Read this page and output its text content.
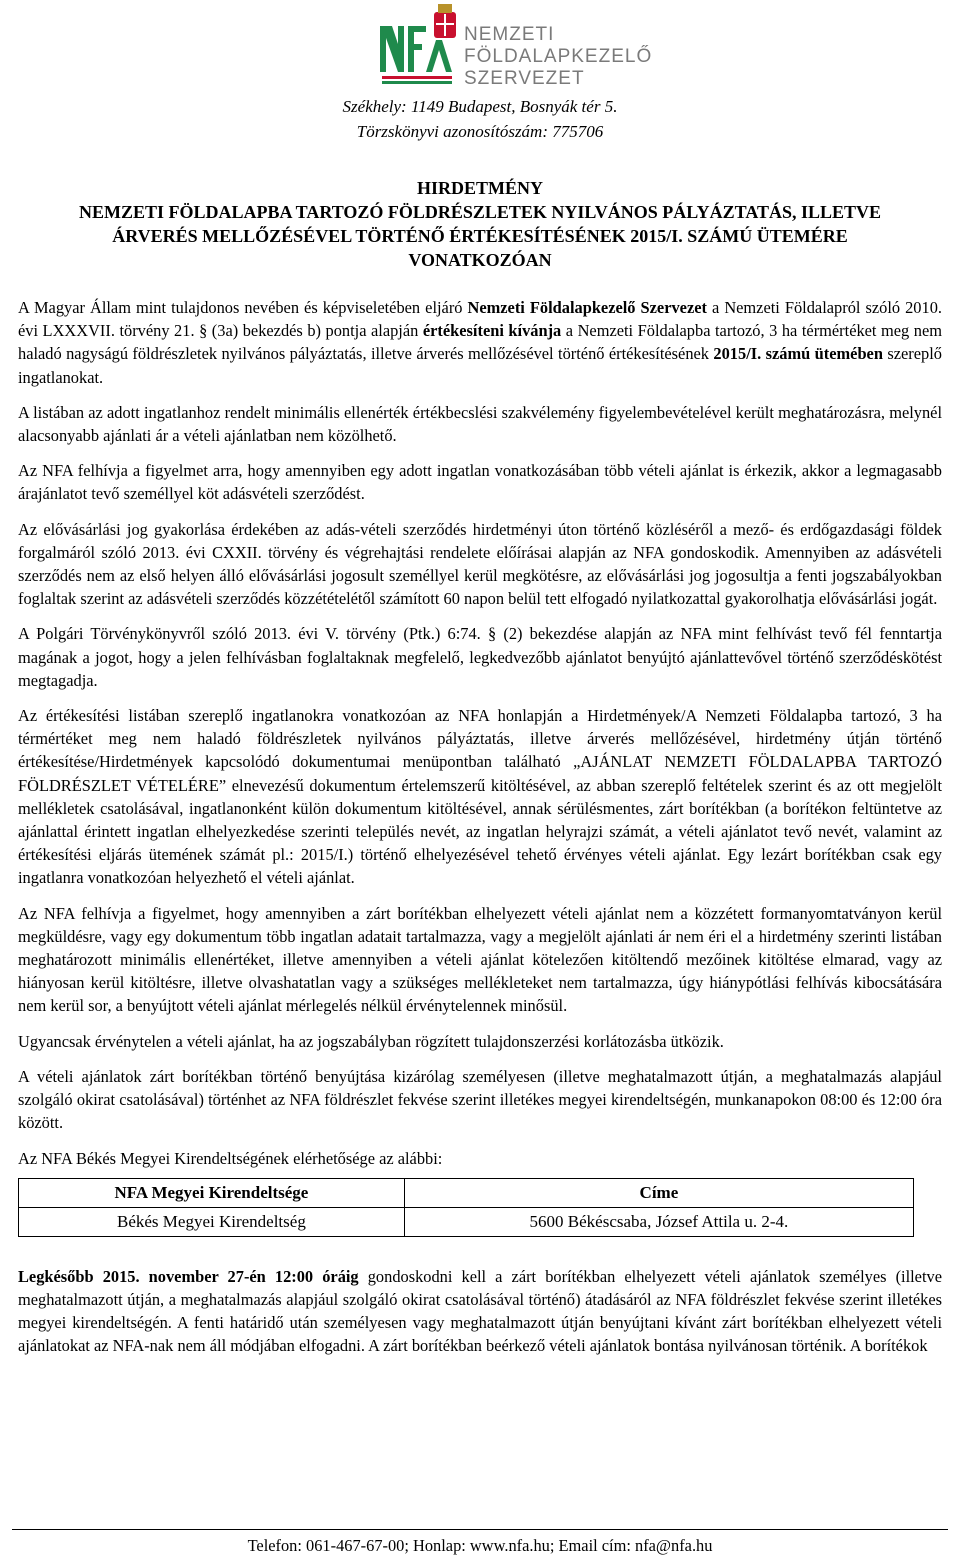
NEMZETI
FÖLDALAPKEZELŐ
SZERVEZET
Székhely: 1149 Budapest, Bosnyák tér 5.
Törzskönyvi azonosítószám: 775706
HIRDETMÉNY
NEMZETI FÖLDALAPBA TARTOZÓ FÖLDRÉSZLETEK NYILVÁNOS PÁLYÁZTATÁS, ILLETVE
ÁRVERÉS MELLŐZÉSÉVEL TÖRTÉNŐ ÉRTÉKESÍTÉSÉNEK 2015/I. SZÁMÚ ÜTEMÉRE
VONATKOZÓAN

A Magyar Állam mint tulajdonos nevében és képviseletében eljáró Nemzeti Földalapkezelő Szervezet a Nemzeti Földalapról szóló 2010. évi LXXXVII. törvény 21. § (3a) bekezdés b) pontja alapján értékesíteni kívánja a Nemzeti Földalapba tartozó, 3 ha térmértéket meg nem haladó nagyságú földrészletek nyilvános pályáztatás, illetve árverés mellőzésével történő értékesítésének 2015/I. számú ütemében szereplő ingatlanokat.

A listában az adott ingatlanhoz rendelt minimális ellenérték értékbecslési szakvélemény figyelembevételével került meghatározásra, melynél alacsonyabb ajánlati ár a vételi ajánlatban nem közölhető.

Az NFA felhívja a figyelmet arra, hogy amennyiben egy adott ingatlan vonatkozásában több vételi ajánlat is érkezik, akkor a legmagasabb árajánlatot tevő személlyel köt adásvételi szerződést.

Az elővásárlási jog gyakorlása érdekében az adás-vételi szerződés hirdetményi úton történő közléséről a mező- és erdőgazdasági földek forgalmáról szóló 2013. évi CXXII. törvény és végrehajtási rendelete előírásai alapján az NFA gondoskodik. Amennyiben az adásvételi szerződés nem az első helyen álló elővásárlási jogosult személlyel kerül megkötésre, az elővásárlási jog jogosultja a fenti jogszabályokban foglaltak szerint az adásvételi szerződés közzétételétől számított 60 napon belül tett elfogadó nyilatkozattal gyakorolhatja elővásárlási jogát.

A Polgári Törvénykönyvről szóló 2013. évi V. törvény (Ptk.) 6:74. § (2) bekezdése alapján az NFA mint felhívást tevő fél fenntartja magának a jogot, hogy a jelen felhívásban foglaltaknak megfelelő, legkedvezőbb ajánlatot benyújtó ajánlattevővel történő szerződéskötést megtagadja.

Az értékesítési listában szereplő ingatlanokra vonatkozóan az NFA honlapján a Hirdetmények/A Nemzeti Földalapba tartozó, 3 ha térmértéket meg nem haladó földrészletek nyilvános pályáztatás, illetve árverés mellőzésével, hirdetmény útján történő értékesítése/Hirdetmények kapcsolódó dokumentumai menüpontban található „AJÁNLAT NEMZETI FÖLDALAPBA TARTOZÓ FÖLDRÉSZLET VÉTELÉRE” elnevezésű dokumentum értelemszerű kitöltésével, az abban szereplő feltételek szerint és az ott megjelölt mellékletek csatolásával, ingatlanonként külön dokumentum kitöltésével, annak sérülésmentes, zárt borítékban (a borítékon feltüntetve az ajánlattal érintett ingatlan elhelyezkedése szerinti település nevét, az ingatlan helyrajzi számát, a vételi ajánlatot tevő nevét, valamint az értékesítési eljárás ütemének számát pl.: 2015/I.) történő elhelyezésével tehető érvényes vételi ajánlat. Egy lezárt borítékban csak egy ingatlanra vonatkozóan helyezhető el vételi ajánlat.

Az NFA felhívja a figyelmet, hogy amennyiben a zárt borítékban elhelyezett vételi ajánlat nem a közzétett formanyomtatványon kerül megküldésre, vagy egy dokumentum több ingatlan adatait tartalmazza, vagy a megjelölt ajánlati ár nem éri el a hirdetmény szerinti listában meghatározott minimális ellenértéket, illetve amennyiben a vételi ajánlat kötelezően kitöltendő mezőinek kitöltése elmarad, vagy az hiányosan kerül kitöltésre, illetve olvashatatlan vagy a szükséges mellékleteket nem tartalmazza, úgy hiánypótlási felhívás kibocsátására nem kerül sor, a benyújtott vételi ajánlat mérlegelés nélkül érvénytelennek minősül.

Ugyancsak érvénytelen a vételi ajánlat, ha az jogszabályban rögzített tulajdonszerzési korlátozásba ütközik.

A vételi ajánlatok zárt borítékban történő benyújtása kizárólag személyesen (illetve meghatalmazott útján, a meghatalmazás alapjául szolgáló okirat csatolásával) történhet az NFA földrészlet fekvése szerint illetékes megyei kirendeltségén, munkanapokon 08:00 és 12:00 óra között.

Az NFA Békés Megyei Kirendeltségének elérhetősége az alábbi:

NFA Megyei Kirendeltsége	Címe
Békés Megyei Kirendeltség	5600 Békéscsaba, József Attila u. 2-4.

Legkésőbb 2015. november 27-én 12:00 óráig gondoskodni kell a zárt borítékban elhelyezett vételi ajánlatok személyes (illetve meghatalmazott útján, a meghatalmazás alapjául szolgáló okirat csatolásával történő) átadásáról az NFA földrészlet fekvése szerint illetékes megyei kirendeltségén. A fenti határidő után személyesen vagy meghatalmazott útján benyújtani kívánt zárt borítékban elhelyezett vételi ajánlatokat az NFA-nak nem áll módjában elfogadni. A zárt borítékban beérkező vételi ajánlatok bontása nyilvánosan történik. A borítékok

Telefon: 061-467-67-00; Honlap: www.nfa.hu; Email cím: nfa@nfa.hu
